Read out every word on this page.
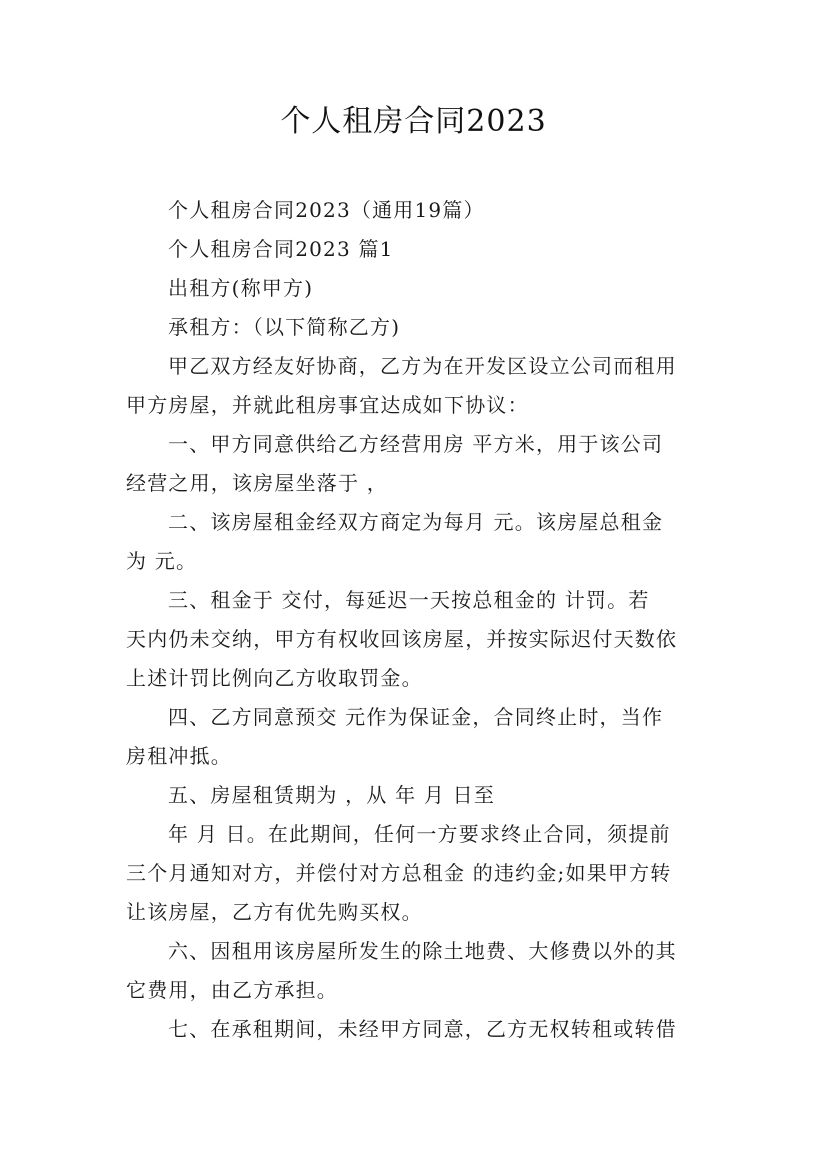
个人租房合同2023
个人租房合同2023（通用19篇）
个人租房合同2023 篇1
出租方(称甲方)
承租方：（以下简称乙方)
甲乙双方经友好协商，乙方为在开发区设立公司而租用
甲方房屋，并就此租房事宜达成如下协议：
一、甲方同意供给乙方经营用房 平方米，用于该公司
经营之用，该房屋坐落于 ，
二、该房屋租金经双方商定为每月 元。该房屋总租金
为 元。
三、租金于 交付，每延迟一天按总租金的 计罚。若
天内仍未交纳，甲方有权收回该房屋，并按实际迟付天数依
上述计罚比例向乙方收取罚金。
四、乙方同意预交 元作为保证金，合同终止时，当作
房租冲抵。
五、房屋租赁期为 ，从 年 月 日至
年 月 日。在此期间，任何一方要求终止合同，须提前
三个月通知对方，并偿付对方总租金 的违约金;如果甲方转
让该房屋，乙方有优先购买权。
六、因租用该房屋所发生的除土地费、大修费以外的其
它费用，由乙方承担。
七、在承租期间，未经甲方同意，乙方无权转租或转借
